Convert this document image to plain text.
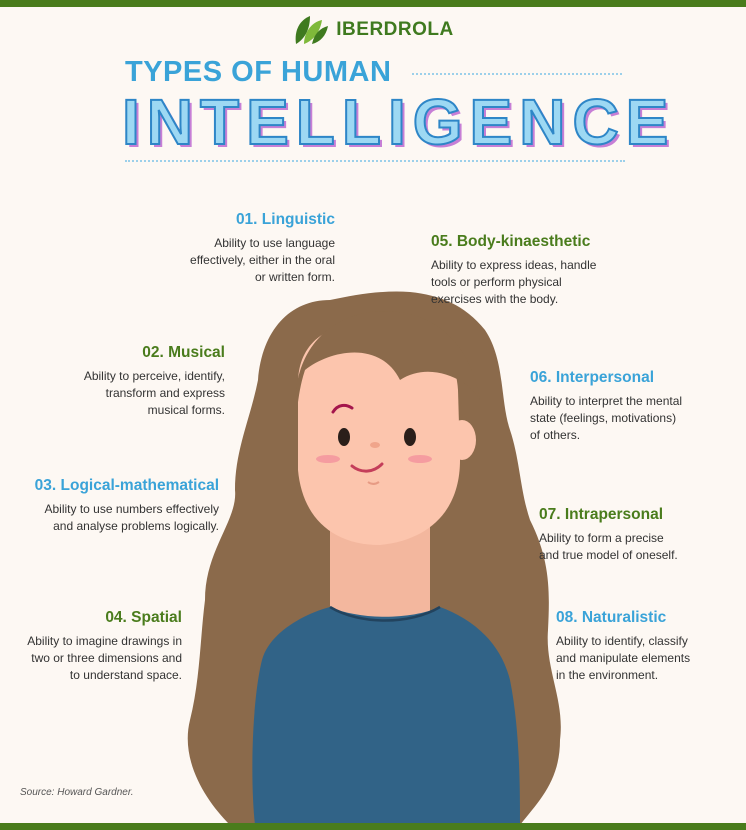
IBERDROLA
TYPES OF HUMAN
INTELLIGENCE
01. Linguistic

Ability to use language
effectively, either in the oral
or written form.

02. Musical

Ability to perceive, identify,
transform and express
musical forms.

03. Logical-mathematical

Ability to use numbers effectively
and analyse problems logically.

04. Spatial

Ability to imagine drawings in
two or three dimensions and
to understand space.

05. Body-kinaesthetic

Ability to express ideas, handle
tools or perform physical
exercises with the body.

06. Interpersonal

Ability to interpret the mental
state (feelings, motivations)
of others.

07. Intrapersonal

Ability to form a precise
and true model of oneself.

08. Naturalistic

Ability to identify, classify
and manipulate elements
in the environment.

Source: Howard Gardner.
